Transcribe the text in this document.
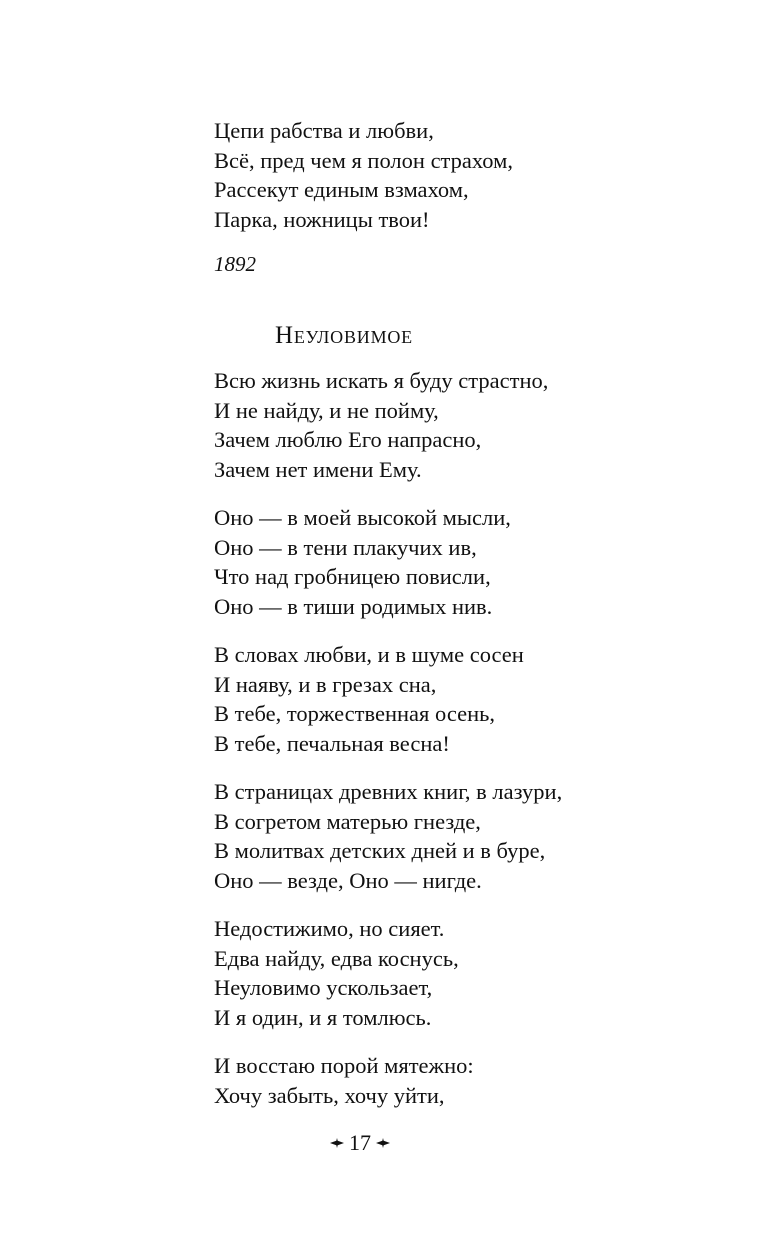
Цепи рабства и любви,
Всё, пред чем я полон страхом,
Рассекут единым взмахом,
Парка, ножницы твои!
1892
Неуловимое
Всю жизнь искать я буду страстно,
И не найду, и не пойму,
Зачем люблю Его напрасно,
Зачем нет имени Ему.
Оно — в моей высокой мысли,
Оно — в тени плакучих ив,
Что над гробницею повисли,
Оно — в тиши родимых нив.
В словах любви, и в шуме сосен
И наяву, и в грезах сна,
В тебе, торжественная осень,
В тебе, печальная весна!
В страницах древних книг, в лазури,
В согретом матерью гнезде,
В молитвах детских дней и в буре,
Оно — везде, Оно — нигде.
Недостижимо, но сияет.
Едва найду, едва коснусь,
Неуловимо ускользает,
И я один, и я томлюсь.
И восстаю порой мятежно:
Хочу забыть, хочу уйти,
17
